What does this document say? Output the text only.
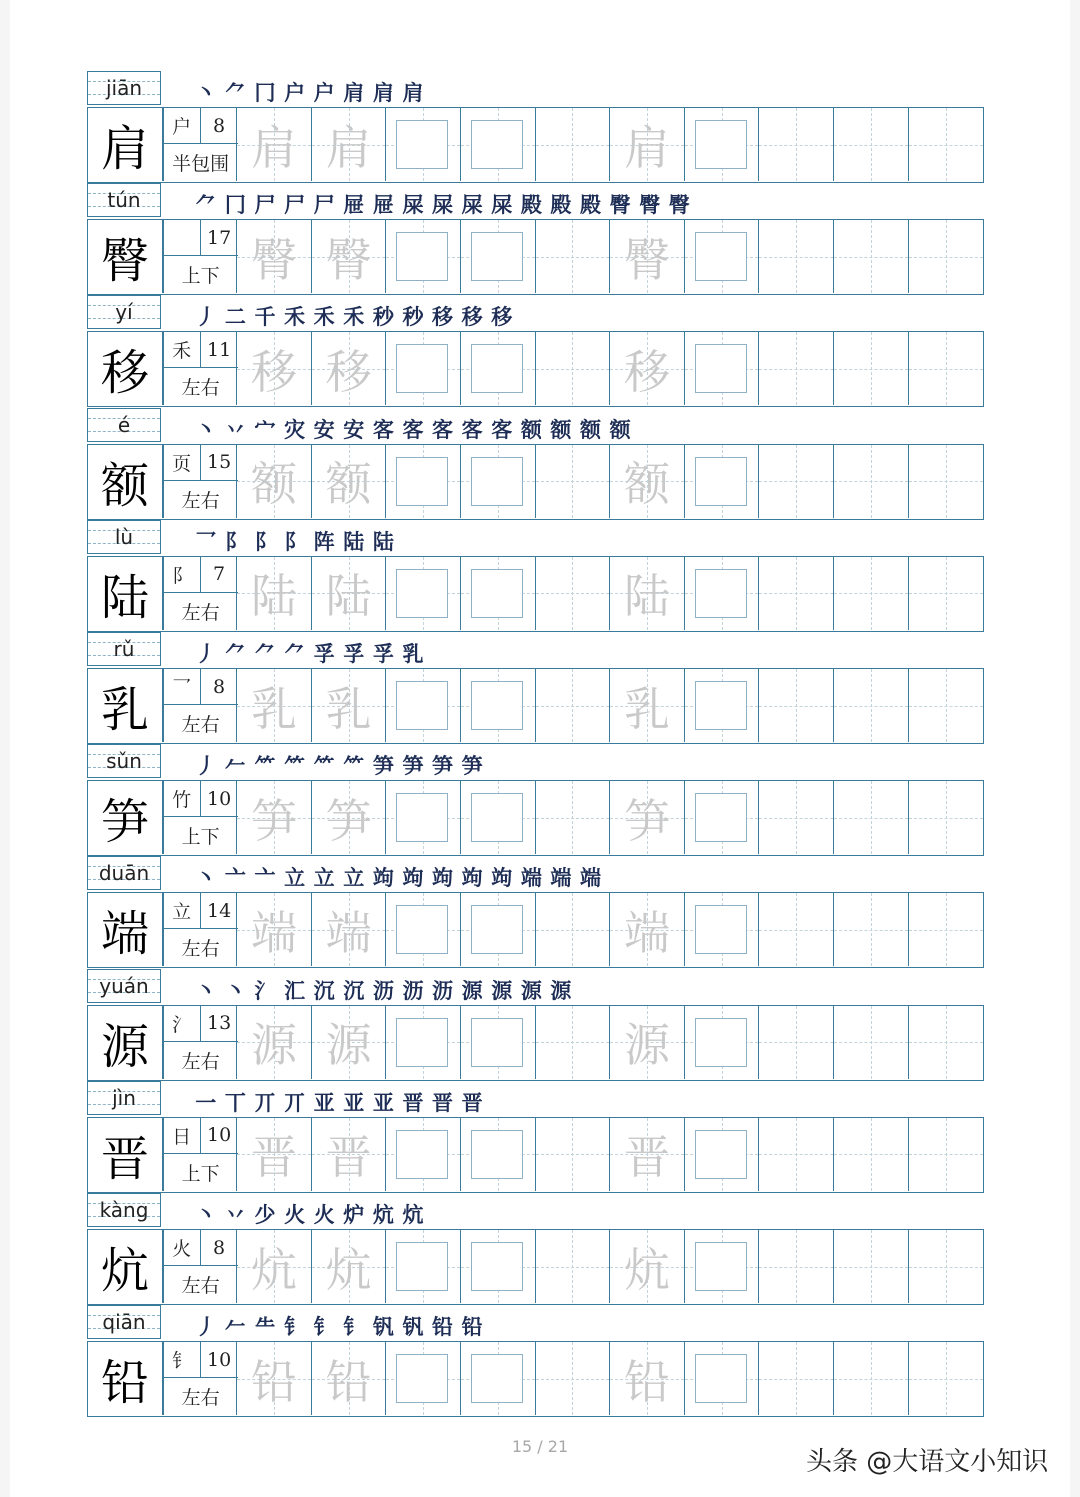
jiān	丶 ⺈ ⼌ 户 户 肩 肩 肩
肩	户	8
半包围 肩 肩	肩
tún	⺈ ⼌ 尸 尸 尸 屉 屉 屎 屎 屎 屎 殿 殿 殿 臀 臀 臀
臀	17
上下 臀 臀	臀
yí	丿 二 千 禾 禾 禾 秒 秒 移 移 移
移	禾 11
左右 移 移	移
é	丶 丷 宀 灾 安 安 客 客 客 客 客 额 额 额 额
额	页 15
左右 额 额	额
lù	⺂ 阝 阝 阝 阵 陆 陆
陆	阝	7
左右 陆 陆	陆
rǔ	丿 ⺈ ⺈ ⺈ 孚 孚 孚 乳
乳	乛	8
左右 乳 乳	乳
sǔn	丿 𠂉 ⺮ ⺮ ⺮ ⺮ 笋 笋 笋 笋
笋	竹 10
上下 笋 笋	笋
duān 丶 亠 ⼇ 立 立 立 竘 竘 竘 竘 竘 端 端 端
端	立 14
左右 端 端	端
yuán 丶 丶 氵 汇 沉 沉 沥 沥 沥 源 源 源 源
源	氵 13
左右 源 源	源
jìn	一 丅 丌 丌 亚 亚 亚 晋 晋 晋
晋	日 10
上下 晋 晋	晋
kàng 丶 丷 少 火 火 炉 炕 炕
炕	火	8
左右 炕 炕	炕
qiān 丿 𠂉 ⺧ 钅 钅 钅 钒 钒 铅 铅
铅	钅 10
左右 铅 铅	铅
15 / 21
头条 @大语文小知识
